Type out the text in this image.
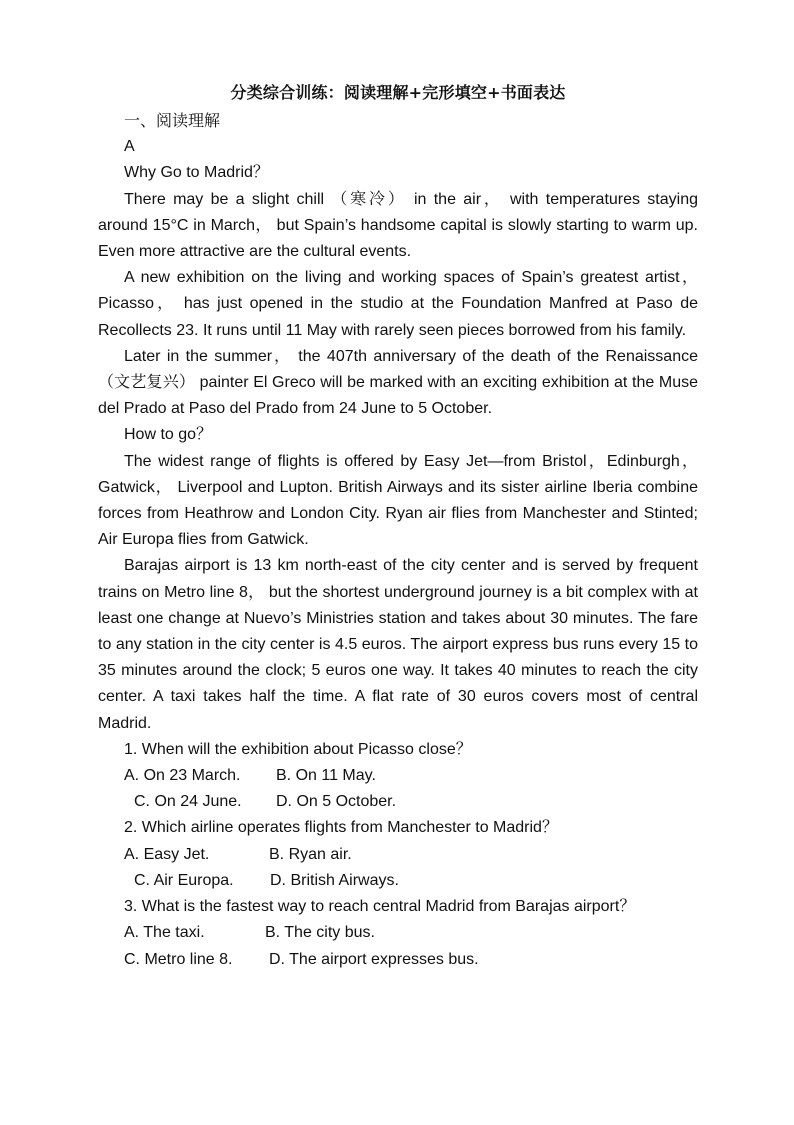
分类综合训练：阅读理解+完形填空+书面表达
一、阅读理解
A
Why Go to Madrid？

There may be a slight chill （寒冷） in the air， with temperatures staying around 15°C in March， but Spain’s handsome capital is slowly starting to warm up. Even more attractive are the cultural events.

A new exhibition on the living and working spaces of Spain’s greatest artist，Picasso， has just opened in the studio at the Foundation Manfred at Paso de Recollects 23. It runs until 11 May with rarely seen pieces borrowed from his family.

Later in the summer， the 407th anniversary of the death of the Renaissance （文艺复兴） painter El Greco will be marked with an exciting exhibition at the Muse del Prado at Paso del Prado from 24 June to 5 October.

How to go？

The widest range of flights is offered by Easy Jet—from Bristol，Edinburgh， Gatwick， Liverpool and Lupton. British Airways and its sister airline Iberia combine forces from Heathrow and London City. Ryan air flies from Manchester and Stinted; Air Europa flies from Gatwick.

Barajas airport is 13 km north-east of the city center and is served by frequent trains on Metro line 8， but the shortest underground journey is a bit complex with at least one change at Nuevo’s Ministries station and takes about 30 minutes. The fare to any station in the city center is 4.5 euros. The airport express bus runs every 15 to 35 minutes around the clock; 5 euros one way. It takes 40 minutes to reach the city center. A taxi takes half the time. A flat rate of 30 euros covers most of central Madrid.

1. When will the exhibition about Picasso close？
A. On 23 March. B. On 11 May.
C. On 24 June. D. On 5 October.
2. Which airline operates flights from Manchester to Madrid？
A. Easy Jet.	B. Ryan air.
C. Air Europa. D. British Airways.
3. What is the fastest way to reach central Madrid from Barajas airport？
A. The taxi.	B. The city bus.
C. Metro line 8. D. The airport expresses bus.
